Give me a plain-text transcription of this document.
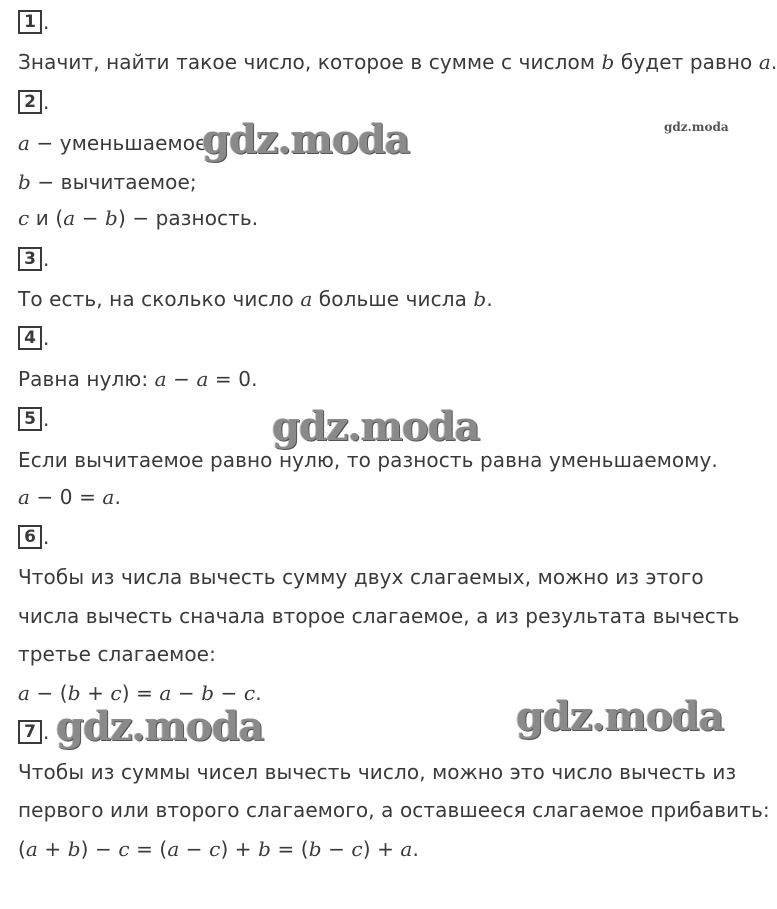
1 .
Значит, найти такое число, которое в сумме с числом b будет равно a.
2 .
a − уменьшаемое;
b − вычитаемое;
c и (a − b) − разность.
3 .
То есть, на сколько число a больше числа b.
4 .
Равна нулю: a − a = 0.
5 .
Если вычитаемое равно нулю, то разность равна уменьшаемому.
a − 0 = a.
6 .
Чтобы из числа вычесть сумму двух слагаемых, можно из этого
числа вычесть сначала второе слагаемое, а из результата вычесть
третье слагаемое:
a − (b + c) = a − b − c.
7 .
Чтобы из суммы чисел вычесть число, можно это число вычесть из
первого или второго слагаемого, а оставшееся слагаемое прибавить:
(a + b) − c = (a − c) + b = (b − c) + a.
gdz.moda	gdz.moda
gdz.moda
gdz.moda	gdz.moda
